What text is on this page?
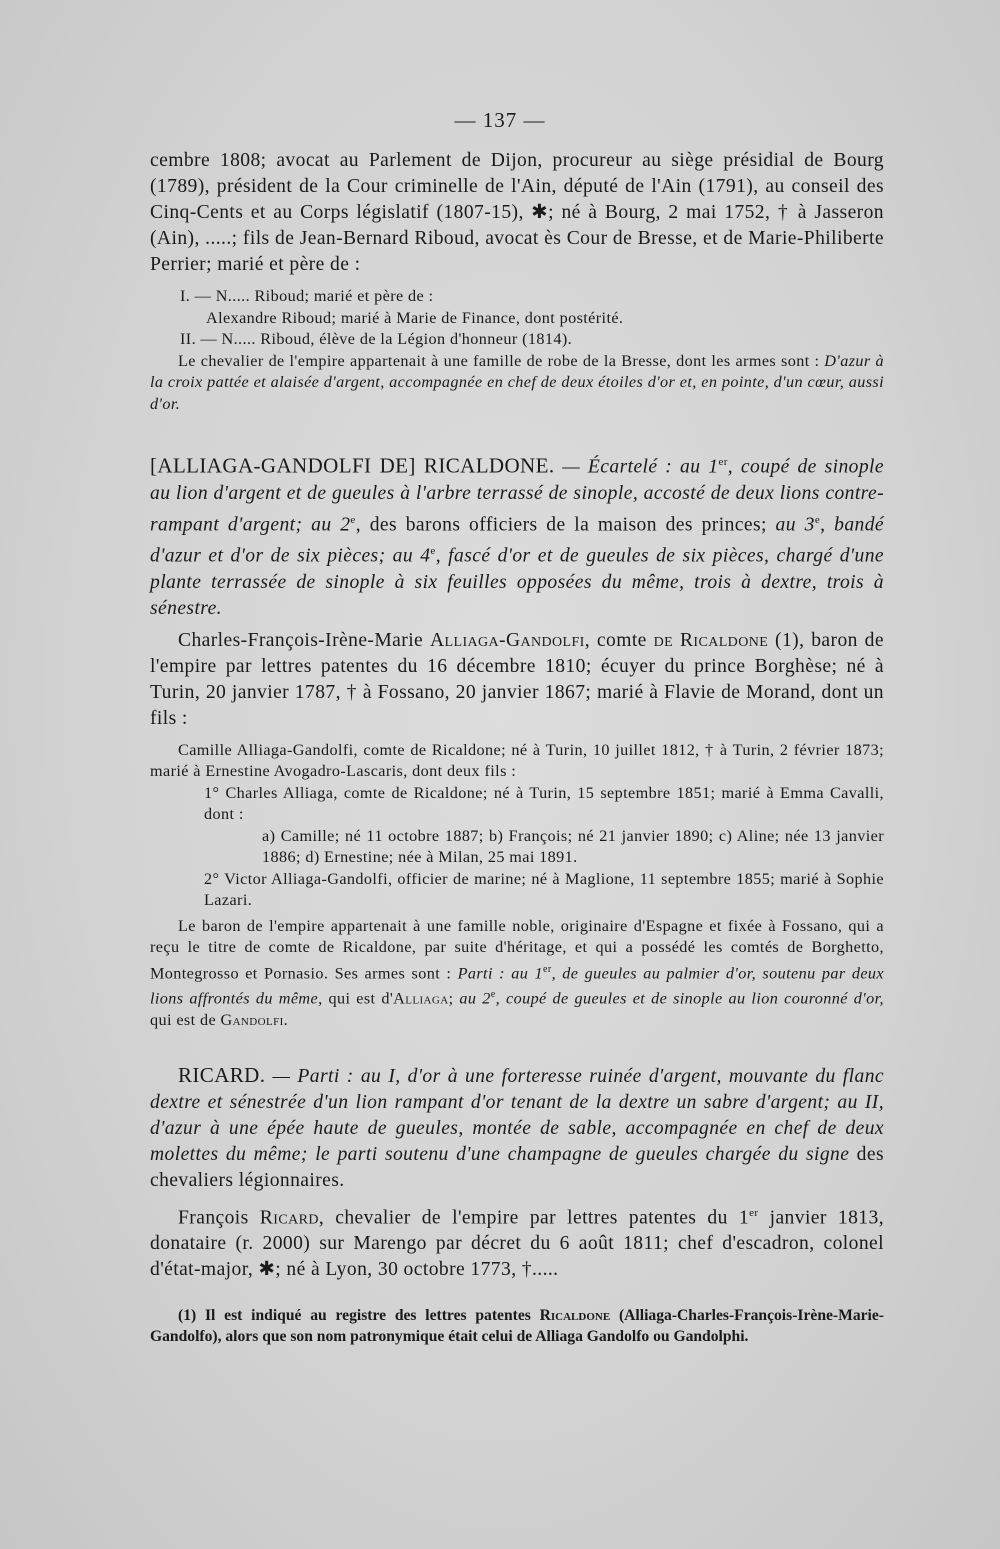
— 137 —

cembre 1808; avocat au Parlement de Dijon, procureur au siège présidial de Bourg (1789), président de la Cour criminelle de l'Ain, député de l'Ain (1791), au conseil des Cinq-Cents et au Corps législatif (1807-15), ✱; né à Bourg, 2 mai 1752, † à Jasseron (Ain), .....; fils de Jean-Bernard Riboud, avocat ès Cour de Bresse, et de Marie-Philiberte Perrier; marié et père de :

I. — N..... Riboud; marié et père de :

Alexandre Riboud; marié à Marie de Finance, dont postérité.

II. — N..... Riboud, élève de la Légion d'honneur (1814).

Le chevalier de l'empire appartenait à une famille de robe de la Bresse, dont les armes sont : D'azur à la croix pattée et alaisée d'argent, accompagnée en chef de deux étoiles d'or et, en pointe, d'un cœur, aussi d'or.

[ALLIAGA-GANDOLFI DE] RICALDONE. — Écartelé : au 1er, coupé de sinople au lion d'argent et de gueules à l'arbre terrassé de sinople, accosté de deux lions contre-rampant d'argent; au 2e, des barons officiers de la maison des princes; au 3e, bandé d'azur et d'or de six pièces; au 4e, fascé d'or et de gueules de six pièces, chargé d'une plante terrassée de sinople à six feuilles opposées du même, trois à dextre, trois à sénestre.

Charles-François-Irène-Marie Alliaga-Gandolfi, comte de Ricaldone (1), baron de l'empire par lettres patentes du 16 décembre 1810; écuyer du prince Borghèse; né à Turin, 20 janvier 1787, † à Fossano, 20 janvier 1867; marié à Flavie de Morand, dont un fils :

Camille Alliaga-Gandolfi, comte de Ricaldone; né à Turin, 10 juillet 1812, † à Turin, 2 février 1873; marié à Ernestine Avogadro-Lascaris, dont deux fils :

1° Charles Alliaga, comte de Ricaldone; né à Turin, 15 septembre 1851; marié à Emma Cavalli, dont :

a) Camille; né 11 octobre 1887; b) François; né 21 janvier 1890; c) Aline; née 13 janvier 1886; d) Ernestine; née à Milan, 25 mai 1891.

2° Victor Alliaga-Gandolfi, officier de marine; né à Maglione, 11 septembre 1855; marié à Sophie Lazari.

Le baron de l'empire appartenait à une famille noble, originaire d'Espagne et fixée à Fossano, qui a reçu le titre de comte de Ricaldone, par suite d'héritage, et qui a possédé les comtés de Borghetto, Montegrosso et Pornasio. Ses armes sont : Parti : au 1er, de gueules au palmier d'or, soutenu par deux lions affrontés du même, qui est d'Alliaga; au 2e, coupé de gueules et de sinople au lion couronné d'or, qui est de Gandolfi.

RICARD. — Parti : au I, d'or à une forteresse ruinée d'argent, mouvante du flanc dextre et sénestrée d'un lion rampant d'or tenant de la dextre un sabre d'argent; au II, d'azur à une épée haute de gueules, montée de sable, accompagnée en chef de deux molettes du même; le parti soutenu d'une champagne de gueules chargée du signe des chevaliers légionnaires.

François Ricard, chevalier de l'empire par lettres patentes du 1er janvier 1813, donataire (r. 2000) sur Marengo par décret du 6 août 1811; chef d'escadron, colonel d'état-major, ✱; né à Lyon, 30 octobre 1773, †.....

(1) Il est indiqué au registre des lettres patentes Ricaldone (Alliaga-Charles-François-Irène-Marie-Gandolfo), alors que son nom patronymique était celui de Alliaga Gandolfo ou Gandolphi.
